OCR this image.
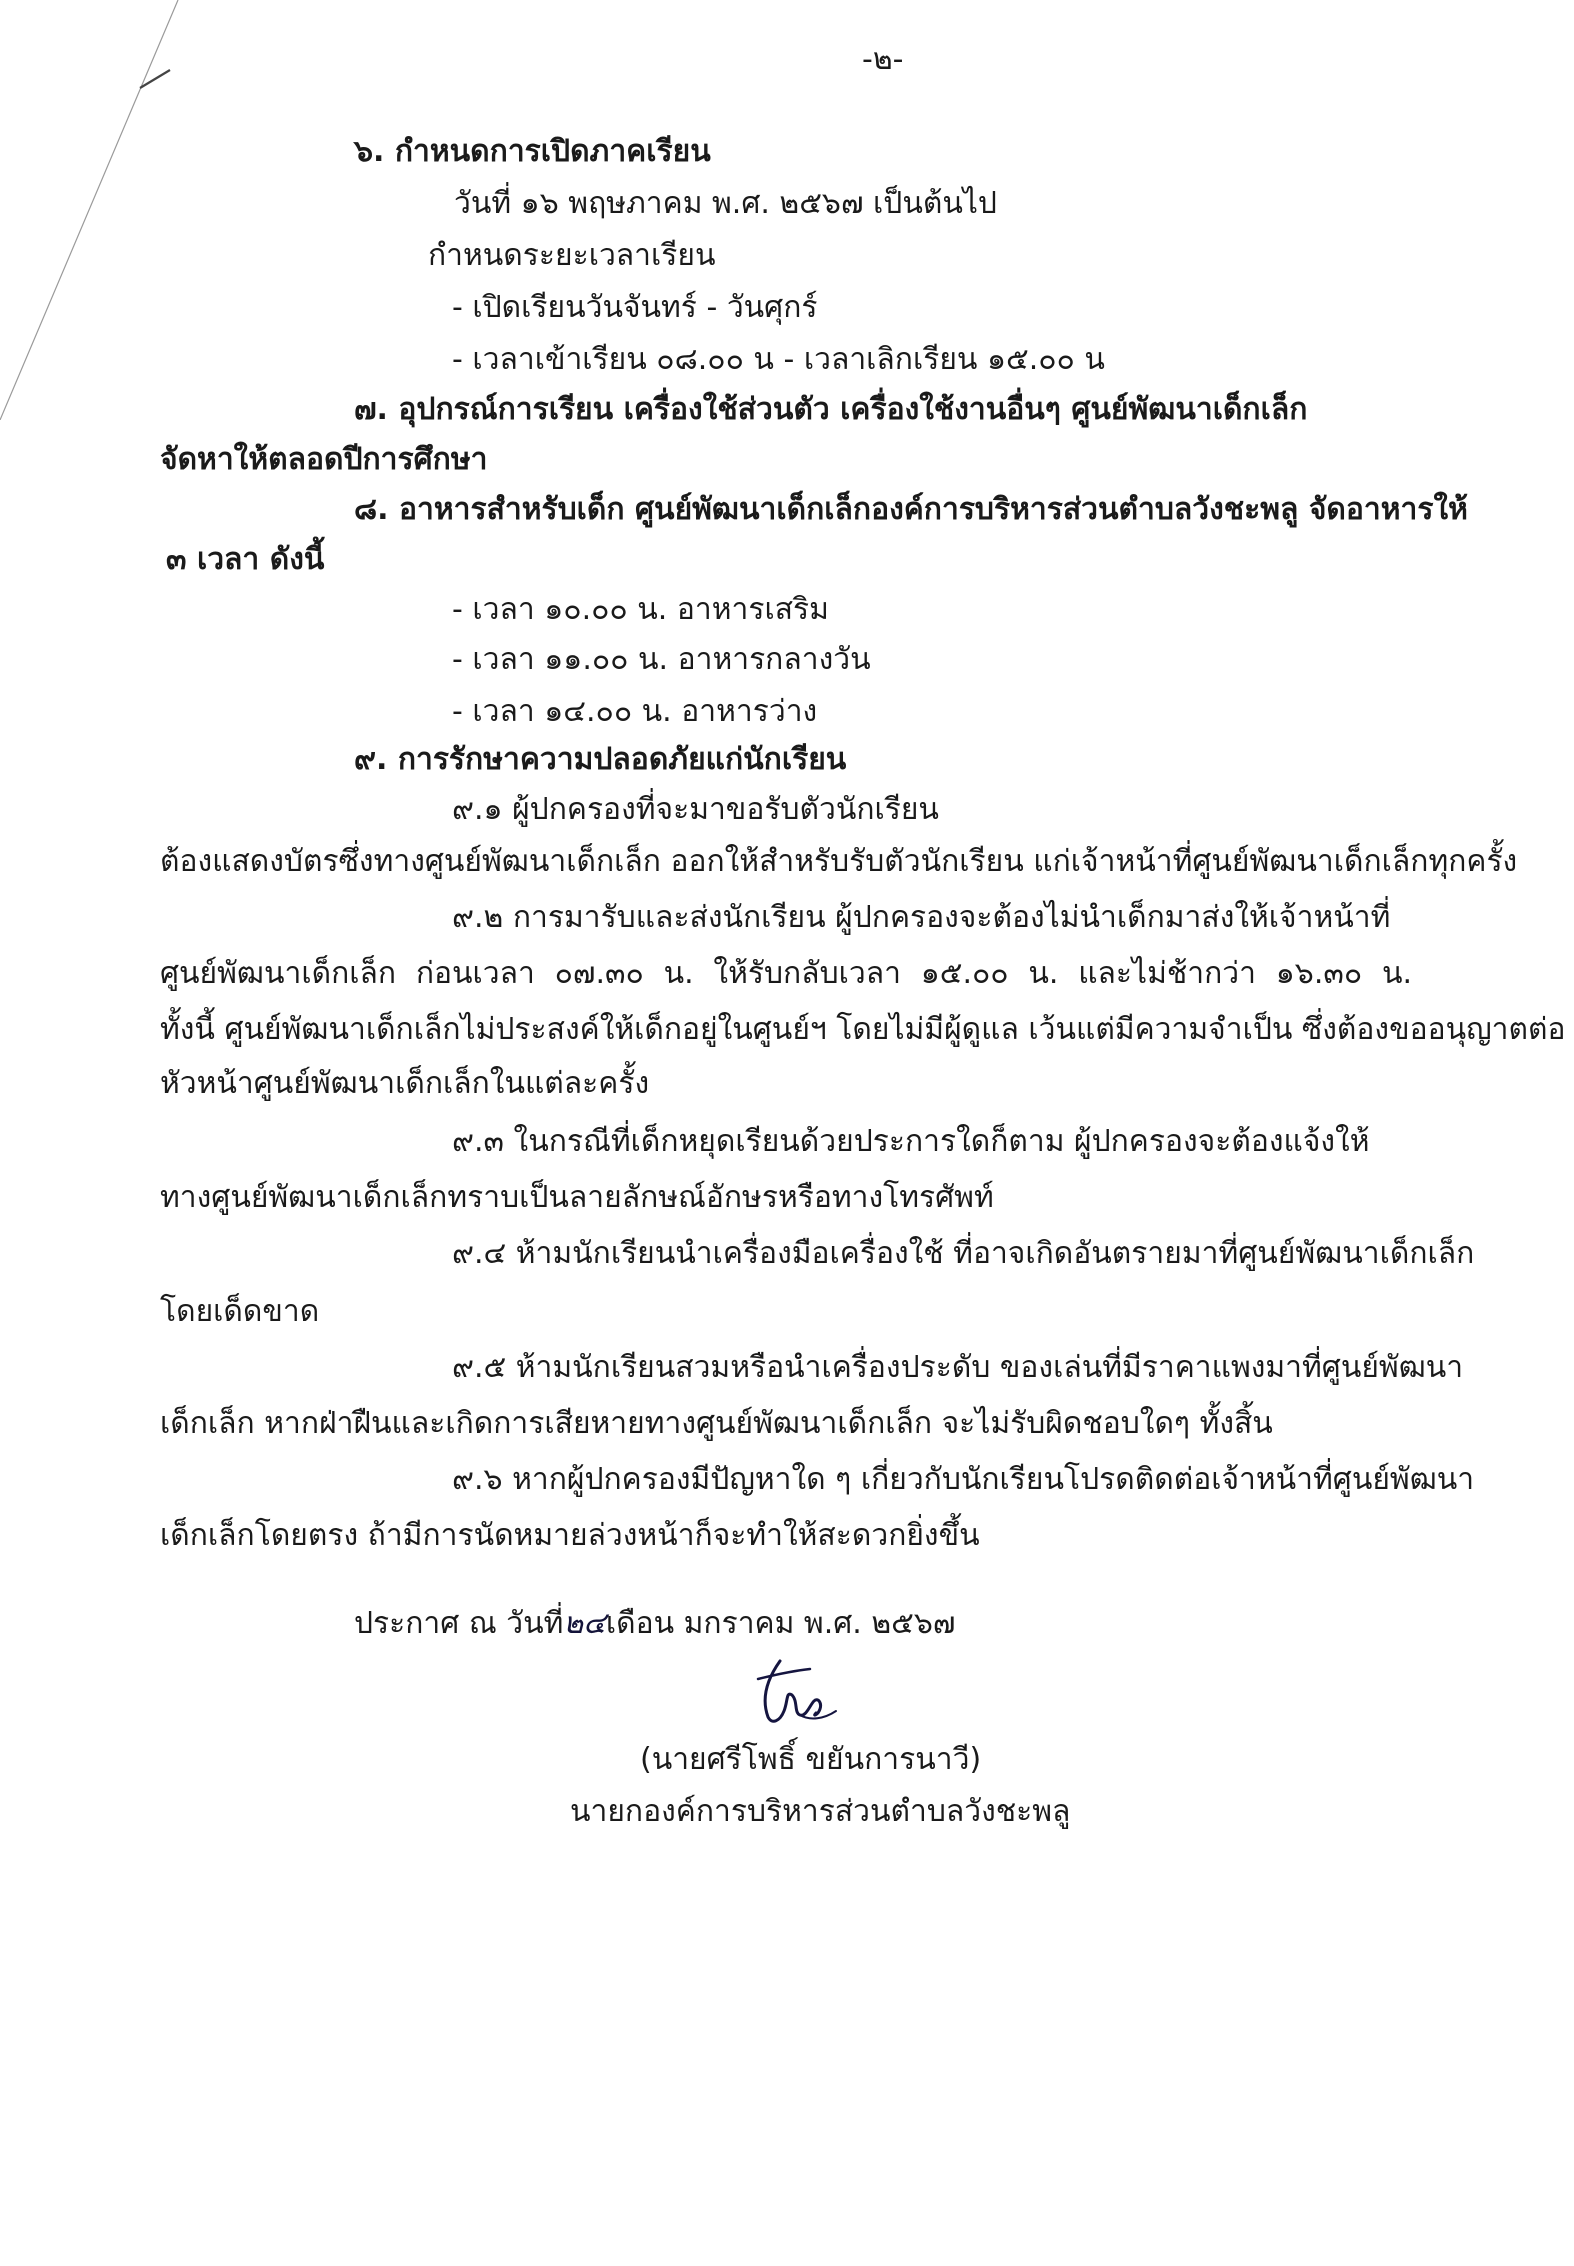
-๒-
๖. กำหนดการเปิดภาคเรียน
วันที่ ๑๖ พฤษภาคม พ.ศ. ๒๕๖๗ เป็นต้นไป
กำหนดระยะเวลาเรียน
- เปิดเรียนวันจันทร์ - วันศุกร์
- เวลาเข้าเรียน ๐๘.๐๐ น - เวลาเลิกเรียน ๑๕.๐๐ น
๗. อุปกรณ์การเรียน เครื่องใช้ส่วนตัว เครื่องใช้งานอื่นๆ ศูนย์พัฒนาเด็กเล็ก
จัดหาให้ตลอดปีการศึกษา
๘. อาหารสำหรับเด็ก ศูนย์พัฒนาเด็กเล็กองค์การบริหารส่วนตำบลวังชะพลู จัดอาหารให้
๓ เวลา ดังนี้
- เวลา ๑๐.๐๐ น. อาหารเสริม
- เวลา ๑๑.๐๐ น. อาหารกลางวัน
- เวลา ๑๔.๐๐ น. อาหารว่าง
๙. การรักษาความปลอดภัยแก่นักเรียน
๙.๑ ผู้ปกครองที่จะมาขอรับตัวนักเรียน
ต้องแสดงบัตรซึ่งทางศูนย์พัฒนาเด็กเล็ก ออกให้สำหรับรับตัวนักเรียน แก่เจ้าหน้าที่ศูนย์พัฒนาเด็กเล็กทุกครั้ง
๙.๒ การมารับและส่งนักเรียน ผู้ปกครองจะต้องไม่นำเด็กมาส่งให้เจ้าหน้าที่
ศูนย์พัฒนาเด็กเล็ก ก่อนเวลา ๐๗.๓๐ น. ให้รับกลับเวลา ๑๕.๐๐ น. และไม่ช้ากว่า ๑๖.๓๐ น.
ทั้งนี้ ศูนย์พัฒนาเด็กเล็กไม่ประสงค์ให้เด็กอยู่ในศูนย์ฯ โดยไม่มีผู้ดูแล เว้นแต่มีความจำเป็น ซึ่งต้องขออนุญาตต่อ
หัวหน้าศูนย์พัฒนาเด็กเล็กในแต่ละครั้ง
๙.๓ ในกรณีที่เด็กหยุดเรียนด้วยประการใดก็ตาม ผู้ปกครองจะต้องแจ้งให้
ทางศูนย์พัฒนาเด็กเล็กทราบเป็นลายลักษณ์อักษรหรือทางโทรศัพท์
๙.๔ ห้ามนักเรียนนำเครื่องมือเครื่องใช้ ที่อาจเกิดอันตรายมาที่ศูนย์พัฒนาเด็กเล็ก
โดยเด็ดขาด
๙.๕ ห้ามนักเรียนสวมหรือนำเครื่องประดับ ของเล่นที่มีราคาแพงมาที่ศูนย์พัฒนา
เด็กเล็ก หากฝ่าฝืนและเกิดการเสียหายทางศูนย์พัฒนาเด็กเล็ก จะไม่รับผิดชอบใดๆ ทั้งสิ้น
๙.๖ หากผู้ปกครองมีปัญหาใด ๆ เกี่ยวกับนักเรียนโปรดติดต่อเจ้าหน้าที่ศูนย์พัฒนา
เด็กเล็กโดยตรง ถ้ามีการนัดหมายล่วงหน้าก็จะทำให้สะดวกยิ่งขึ้น
ประกาศ ณ วันที่๒๔เดือน มกราคม พ.ศ. ๒๕๖๗
(นายศรีโพธิ์ ขยันการนาวี)
นายกองค์การบริหารส่วนตำบลวังชะพลู
